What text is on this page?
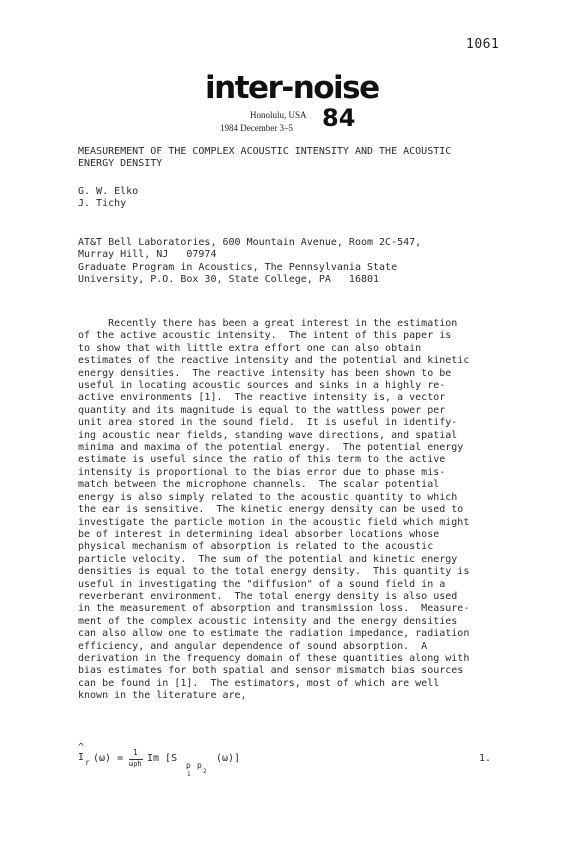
1061
inter-noise
Honolulu, USA
1984 December 3–5 84
MEASUREMENT OF THE COMPLEX ACOUSTIC INTENSITY AND THE ACOUSTIC
ENERGY DENSITY
G. W. Elko
J. Tichy
AT&T Bell Laboratories, 600 Mountain Avenue, Room 2C-547,
Murray Hill, NJ   07974
Graduate Program in Acoustics, The Pennsylvania State
University, P.O. Box 30, State College, PA   16801
Recently there has been a great interest in the estimation
of the active acoustic intensity.  The intent of this paper is
to show that with little extra effort one can also obtain
estimates of the reactive intensity and the potential and kinetic
energy densities.  The reactive intensity has been shown to be
useful in locating acoustic sources and sinks in a highly re-
active environments [1].  The reactive intensity is, a vector
quantity and its magnitude is equal to the wattless power per
unit area stored in the sound field.  It is useful in identify-
ing acoustic near fields, standing wave directions, and spatial
minima and maxima of the potential energy.  The potential energy
estimate is useful since the ratio of this term to the active
intensity is proportional to the bias error due to phase mis-
match between the microphone channels.  The scalar potential
energy is also simply related to the acoustic quantity to which
the ear is sensitive.  The kinetic energy density can be used to
investigate the particle motion in the acoustic field which might
be of interest in determining ideal absorber locations whose
physical mechanism of absorption is related to the acoustic
particle velocity.  The sum of the potential and kinetic energy
densities is equal to the total energy density.  This quantity is
useful in investigating the "diffusion" of a sound field in a
reverberant environment.  The total energy density is also used
in the measurement of absorption and transmission loss.  Measure-
ment of the complex acoustic intensity and the energy densities
can also allow one to estimate the radiation impedance, radiation
efficiency, and angular dependence of sound absorption.  A
derivation in the frequency domain of these quantities along with
bias estimates for both spatial and sensor mismatch bias sources
can be found in [1].  The estimators, most of which are well
known in the literature are,
^
I r (ω) =
1
ωρh Im [S
p
1
p
2
(ω)]	1.
